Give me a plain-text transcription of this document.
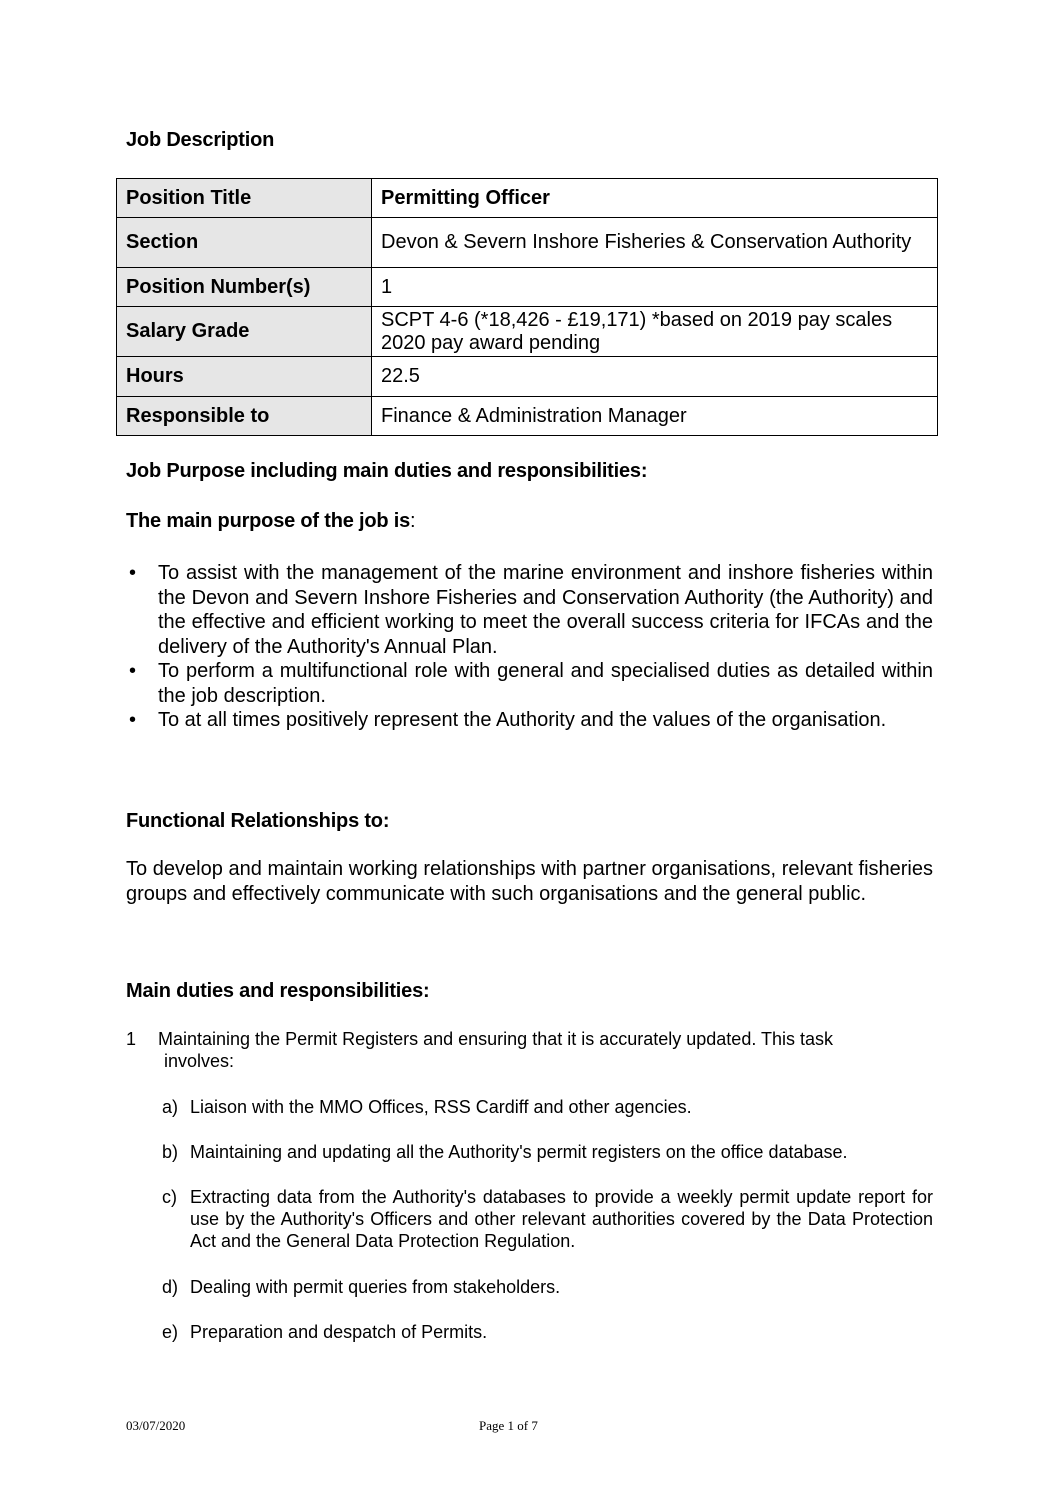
Job Description
Position Title	Permitting Officer
Section	Devon & Severn Inshore Fisheries & Conservation Authority
Position Number(s)	1
Salary Grade	SCPT 4-6 (*18,426 - £19,171) *based on 2019 pay scales 2020 pay award pending
Hours	22.5
Responsible to	Finance & Administration Manager
Job Purpose including main duties and responsibilities:
The main purpose of the job is:
• To assist with the management of the marine environment and inshore fisheries within the Devon and Severn Inshore Fisheries and Conservation Authority (the Authority) and the effective and efficient working to meet the overall success criteria for IFCAs and the delivery of the Authority's Annual Plan.
• To perform a multifunctional role with general and specialised duties as detailed within the job description.
• To at all times positively represent the Authority and the values of the organisation.
Functional Relationships to:

To develop and maintain working relationships with partner organisations, relevant fisheries groups and effectively communicate with such organisations and the general public.

Main duties and responsibilities:
1 Maintaining the Permit Registers and ensuring that it is accurately updated. This task
involves:
a) Liaison with the MMO Offices, RSS Cardiff and other agencies.
b) Maintaining and updating all the Authority's permit registers on the office database.
c) Extracting data from the Authority's databases to provide a weekly permit update report for use by the Authority's Officers and other relevant authorities covered by the Data Protection Act and the General Data Protection Regulation.
d) Dealing with permit queries from stakeholders.
e) Preparation and despatch of Permits.
03/07/2020	Page 1 of 7
